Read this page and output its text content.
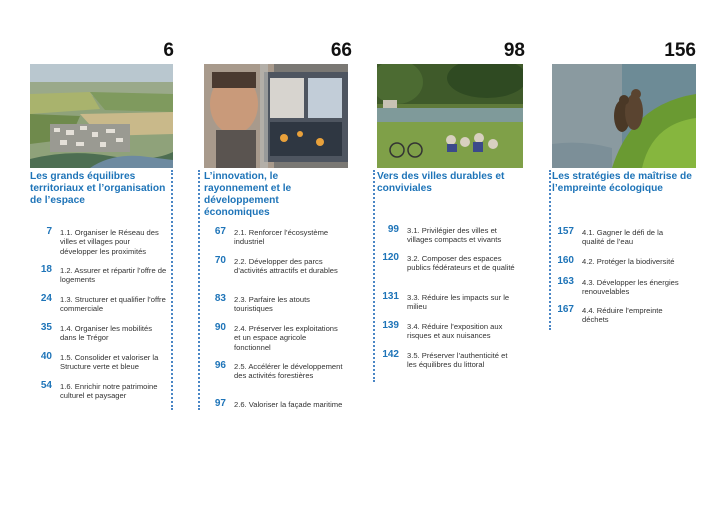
6
Les grands équilibres territoriaux et l’organisation de l’espace
7 1.1. Organiser le Réseau des villes et villages pour développer les proximités
18 1.2. Assurer et répartir l’offre de logements
24 1.3. Structurer et qualifier l’offre commerciale
35 1.4. Organiser les mobilités dans le Trégor
40 1.5. Consolider et valoriser la Structure verte et bleue
54 1.6. Enrichir notre patrimoine culturel et paysager
66
L’innovation, le rayonnement et le développement économiques
67 2.1. Renforcer l’écosystème industriel
70 2.2. Développer des parcs d’activités attractifs et durables
83 2.3. Parfaire les atouts touristiques
90 2.4. Préserver les exploitations et un espace agricole fonctionnel
96 2.5. Accélérer le développement des activités forestières
97 2.6. Valoriser la façade maritime
98
Vers des villes durables et conviviales
99 3.1. Privilégier des villes et villages compacts et vivants
120 3.2. Composer des espaces publics fédérateurs et de qualité
131 3.3. Réduire les impacts sur le milieu
139 3.4. Réduire l’exposition aux risques et aux nuisances
142 3.5. Préserver l’authenticité et les équilibres du littoral
156
Les stratégies de maîtrise de l’empreinte écologique
157 4.1. Gagner le défi de la qualité de l’eau
160 4.2. Protéger la biodiversité
163 4.3. Développer les énergies renouvelables
167 4.4. Réduire l’empreinte déchets
